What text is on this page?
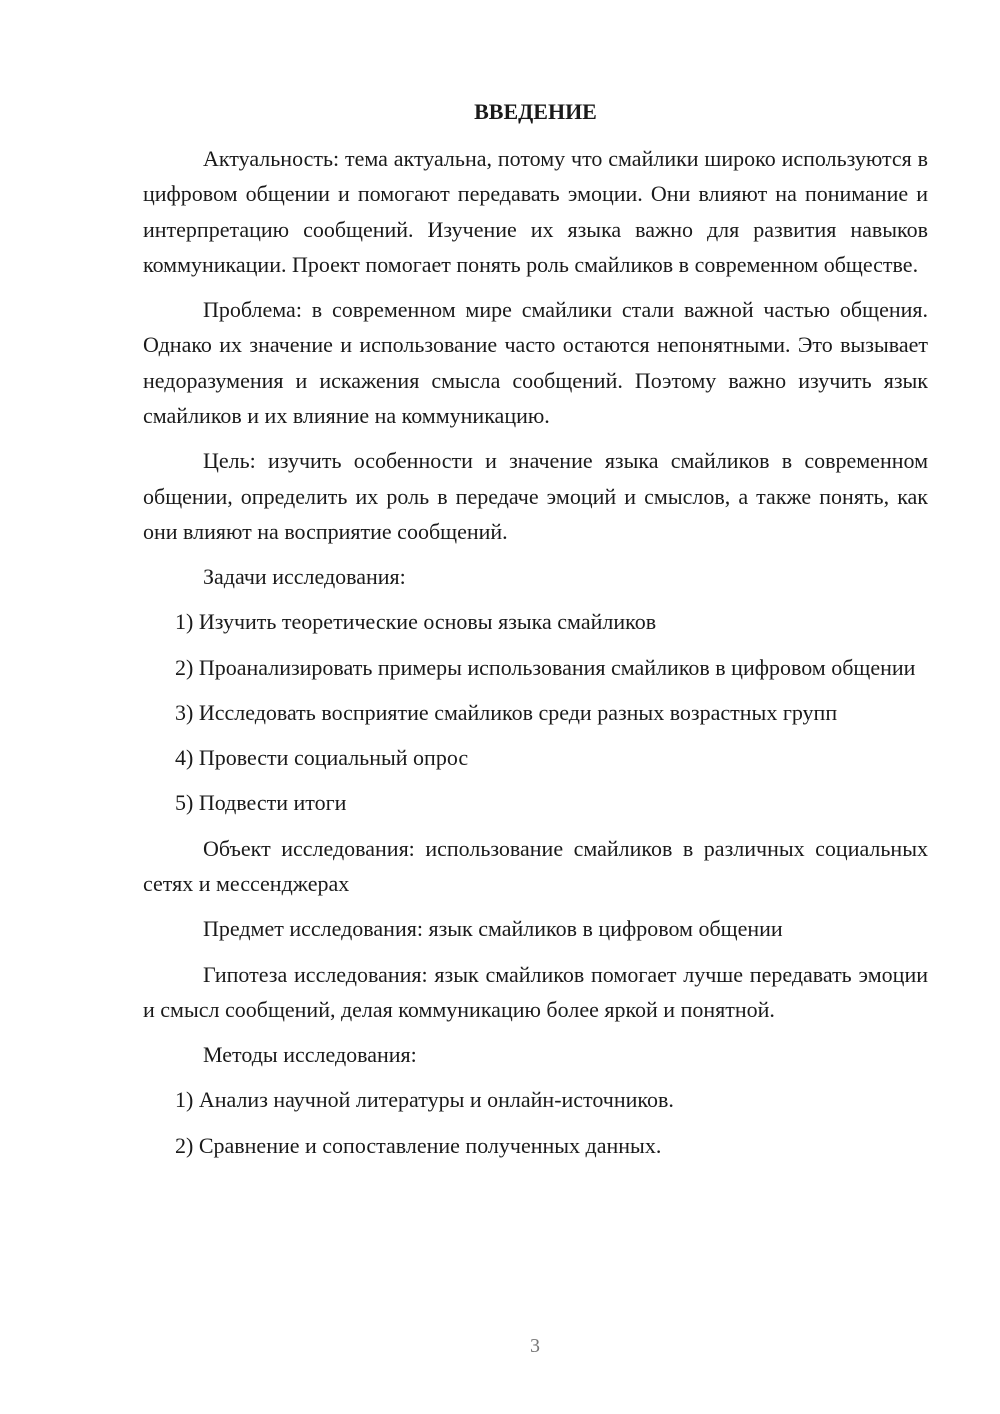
ВВЕДЕНИЕ

Актуальность: тема актуальна, потому что смайлики широко используются в цифровом общении и помогают передавать эмоции. Они влияют на понимание и интерпретацию сообщений. Изучение их языка важно для развития навыков коммуникации. Проект помогает понять роль смайликов в современном обществе.

Проблема: в современном мире смайлики стали важной частью общения. Однако их значение и использование часто остаются непонятными. Это вызывает недоразумения и искажения смысла сообщений. Поэтому важно изучить язык смайликов и их влияние на коммуникацию.

Цель: изучить особенности и значение языка смайликов в современном общении, определить их роль в передаче эмоций и смыслов, а также понять, как они влияют на восприятие сообщений.

Задачи исследования:

1) Изучить теоретические основы языка смайликов

2) Проанализировать примеры использования смайликов в цифровом общении

3) Исследовать восприятие смайликов среди разных возрастных групп

4) Провести социальный опрос

5) Подвести итоги

Объект исследования: использование смайликов в различных социальных сетях и мессенджерах

Предмет исследования: язык смайликов в цифровом общении

Гипотеза исследования: язык смайликов помогает лучше передавать эмоции и смысл сообщений, делая коммуникацию более яркой и понятной.

Методы исследования:

1) Анализ научной литературы и онлайн-источников.

2) Сравнение и сопоставление полученных данных.

3
